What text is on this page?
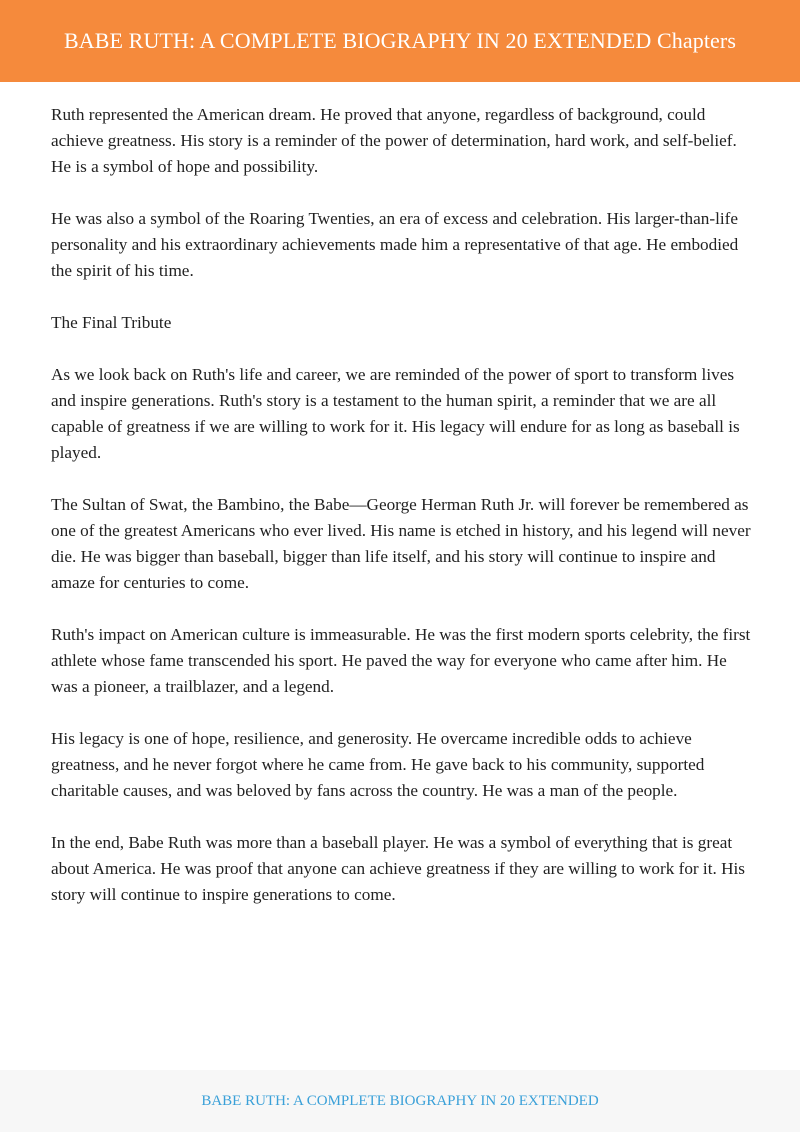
BABE RUTH: A COMPLETE BIOGRAPHY IN 20 EXTENDED Chapters

Ruth represented the American dream. He proved that anyone, regardless of background, could achieve greatness. His story is a reminder of the power of determination, hard work, and self-belief. He is a symbol of hope and possibility.

He was also a symbol of the Roaring Twenties, an era of excess and celebration. His larger-than-life personality and his extraordinary achievements made him a representative of that age. He embodied the spirit of his time.

The Final Tribute

As we look back on Ruth's life and career, we are reminded of the power of sport to transform lives and inspire generations. Ruth's story is a testament to the human spirit, a reminder that we are all capable of greatness if we are willing to work for it. His legacy will endure for as long as baseball is played.

The Sultan of Swat, the Bambino, the Babe—George Herman Ruth Jr. will forever be remembered as one of the greatest Americans who ever lived. His name is etched in history, and his legend will never die. He was bigger than baseball, bigger than life itself, and his story will continue to inspire and amaze for centuries to come.

Ruth's impact on American culture is immeasurable. He was the first modern sports celebrity, the first athlete whose fame transcended his sport. He paved the way for everyone who came after him. He was a pioneer, a trailblazer, and a legend.

His legacy is one of hope, resilience, and generosity. He overcame incredible odds to achieve greatness, and he never forgot where he came from. He gave back to his community, supported charitable causes, and was beloved by fans across the country. He was a man of the people.

In the end, Babe Ruth was more than a baseball player. He was a symbol of everything that is great about America. He was proof that anyone can achieve greatness if they are willing to work for it. His story will continue to inspire generations to come.

BABE RUTH: A COMPLETE BIOGRAPHY IN 20 EXTENDED
